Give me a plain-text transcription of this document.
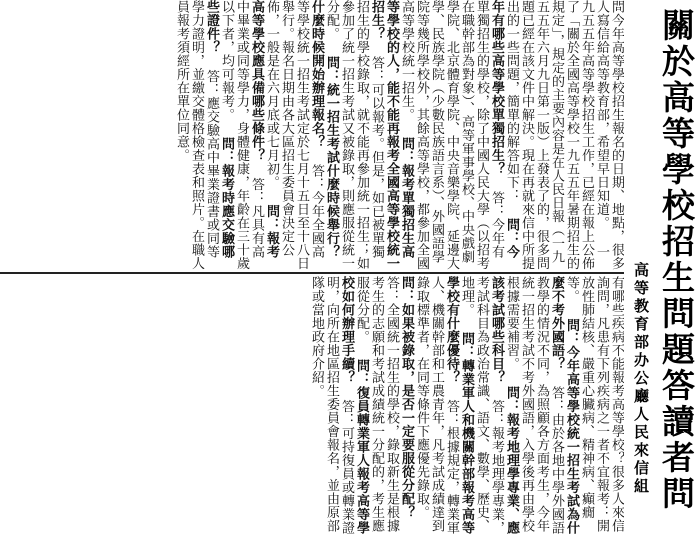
關於高等學校招生問題答讀者問
高等教育部办公廳人民來信組
問今年高等學校招生報名的日期、地點，很多人寫信給高等教育部，希望早日知道。 一九五五年高等學校招生工作，已經在報上公佈了「關於全國高等學校一九五五年暑期招生的規定」，規定的主要內容是在人民日報（一九五五年六月九日第一版）上發表了的，很多問題已經在該文件中解決。現在再就來信中所提出的一些問題，簡單的解答如下： 問：今年有哪些高等學校單獨招生？ 答：今年有單獨招生的學校，除了中國人民大學（以招考在職幹部為對象）、高等軍事學校、中央戲劇學院、北京體育學院、中央音樂學院、延邊大學、民族學院（少數民族語言系）、外國語學院等幾所學校外，其餘高等學校，都參加全國高等學校統一招生。 問：報考單獨招生高等學校的人，能不能再報考全國高等學校統一招生？ 答：可以報考。但是，如已被單獨招生的學校錄取，就不能再參加統一招生；如參加了統一招生考試又被錄取，則應服從統一分配。 問：統一招生考試什麼時候舉行？什麼時候開始辦理報名？ 答：今年全國高等學校統一招生考試定於七月十五日至十八日舉行。報名日期由各大區招生委員會決定公佈，一般是在六月底或七月初。 問：報考高等學校應具備哪些條件？ 答：凡具有高中畢業或同等學力，身體健康，年齡在三十歲以下者，均可報考。 問：報考時應交驗哪些證件？ 答：應交驗高中畢業證書或同等學力證明，並繳交體格檢查表和照片。在職人員報考須經所在單位同意。
有哪些疾病不能報考高等學校？很多人來信詢問，凡患有下列疾病之一者不宜報考：開放性肺結核、嚴重心臟病、精神病、癲癇等。 問：今年高等學校統一招生考試為什麼不考外國語？ 答：由於各地中學外國語教學的情況不同，為照顧各方面考生，今年統一招生考試不考外國語，入學後再由學校根據需要補習。 問：報考地理學專業、應該考試哪些科目？ 答：報考地理學專業，考試科目為政治常識、語文、數學、歷史、地理。 問：轉業軍人和機關幹部報考高等學校有什麼優待？ 答：根據規定，轉業軍人、機關幹部和工農青年，凡考試成績達到錄取標準者，在同等條件下應優先錄取。 問：如果被錄取，是否一定要服從分配？ 答：全國統一招生的學校，錄取新生是根據考生的志願和考試成績統一分配的，考生應服從分配。 問：復員轉業軍人報考高等學校如何辦理手續？ 答：可持復員或轉業證明，向所在地區招生委員會報名，並由原部隊或當地政府介紹。
